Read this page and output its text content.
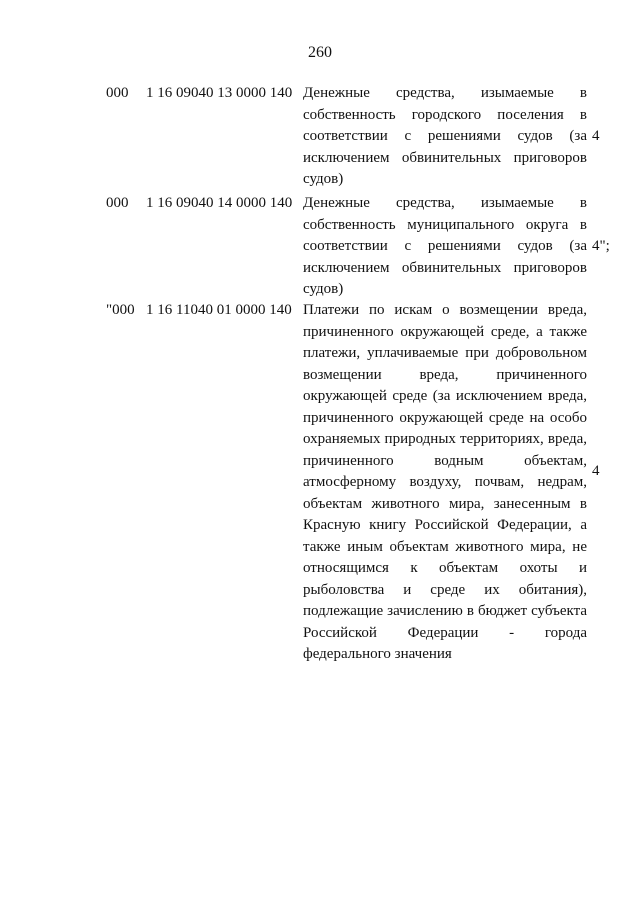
260
000 1 16 09040 13 0000 140 Денежные средства, изымаемые в
собственность городского поселения в
соответствии с решениями судов (за
исключением обвинительных приговоров
судов)
4
000 1 16 09040 14 0000 140 Денежные средства, изымаемые в
собственность муниципального округа в
соответствии с решениями судов (за
исключением обвинительных приговоров
судов)
4";
"000 1 16 11040 01 0000 140 Платежи по искам о возмещении вреда,
причиненного окружающей среде, а также
платежи, уплачиваемые при добровольном
возмещении вреда, причиненного
окружающей среде (за исключением вреда,
причиненного окружающей среде на особо
охраняемых природных территориях, вреда,
причиненного водным объектам,
атмосферному воздуху, почвам, недрам,
объектам животного мира, занесенным в
Красную книгу Российской Федерации, а
также иным объектам животного мира, не
относящимся к объектам охоты и
рыболовства и среде их обитания),
подлежащие зачислению в бюджет субъекта
Российской Федерации - города
федерального значения
4
